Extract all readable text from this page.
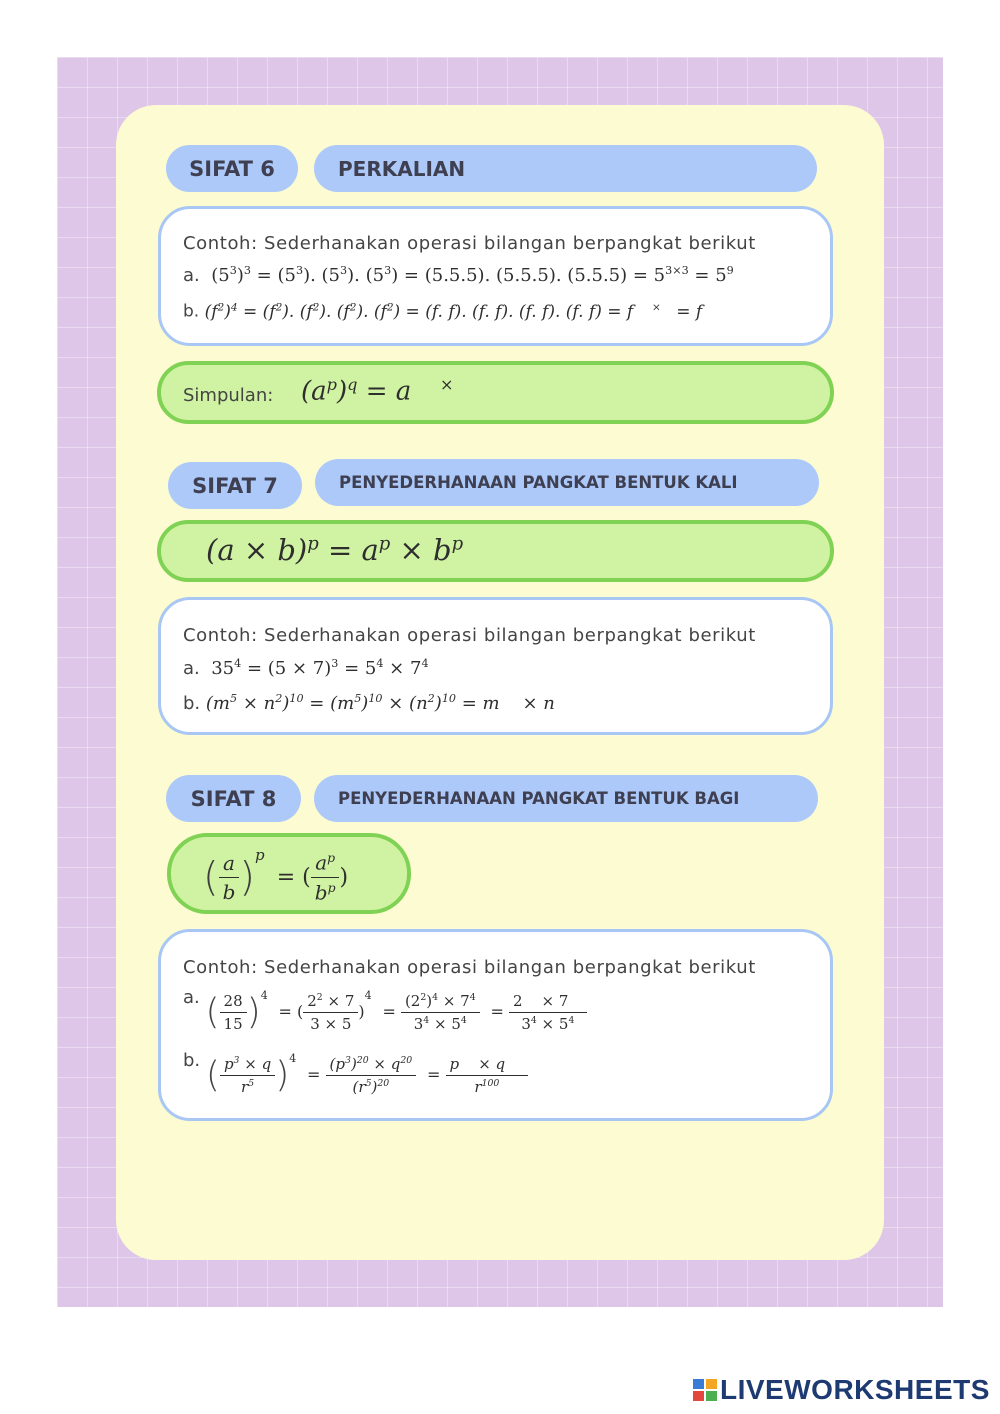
SIFAT 6	PERKALIAN
Contoh: Sederhanakan operasi bilangan berpangkat berikut
a.  $(5^3)^3 = (5^3)$. $(5^3)$. $(5^3) = (5.5.5)$. (5.5.5). $(5.5.5) = 5^{3\times 3} = 5^9$
b. $(f^2)^4 = (f^2)$. $(f^2)$. $(f^2)$. $(f^2) = (f$. f). (f. f). (f. f). (f. f) = f     ×    = f
Simpulan: $(a^p)^q = a$     ×
SIFAT 7	PENYEDERHANAAN PANGKAT BENTUK KALI
$(a \times b)^p = a^p \times b^p$
Contoh: Sederhanakan operasi bilangan berpangkat berikut
a.  $35^4 = (5 \times 7)^3 = 5^4 \times 7^4$
b. $(m^5 \times n^2)^{10} = (m^5)^{10} \times (n^2)^{10} = m$    × n
SIFAT 8	PENYEDERHANAAN PANGKAT BENTUK BAGI
( $\frac{a}{b} )^p$  = ( $\frac{a^p}{b^p}$ )
Contoh: Sederhanakan operasi bilangan berpangkat berikut
a. ( $\frac{28}{15} )^4$  = ( $\frac{2^2 \times 7}{3 \times 5} )^4 = \frac{(2^2)^4 \times 7^4}{3^4 \times 5^4} = \frac{2 \times 7}{3^4 \times 5^4}$
b. ( $\frac{p^3 \times q}{r^5} )^4 = \frac{(p^3)^{20} \times q^{20}}{(r^5)^{20}} = \frac{p \times q}{r^{100}}$
LIVEWORKSHEETS
